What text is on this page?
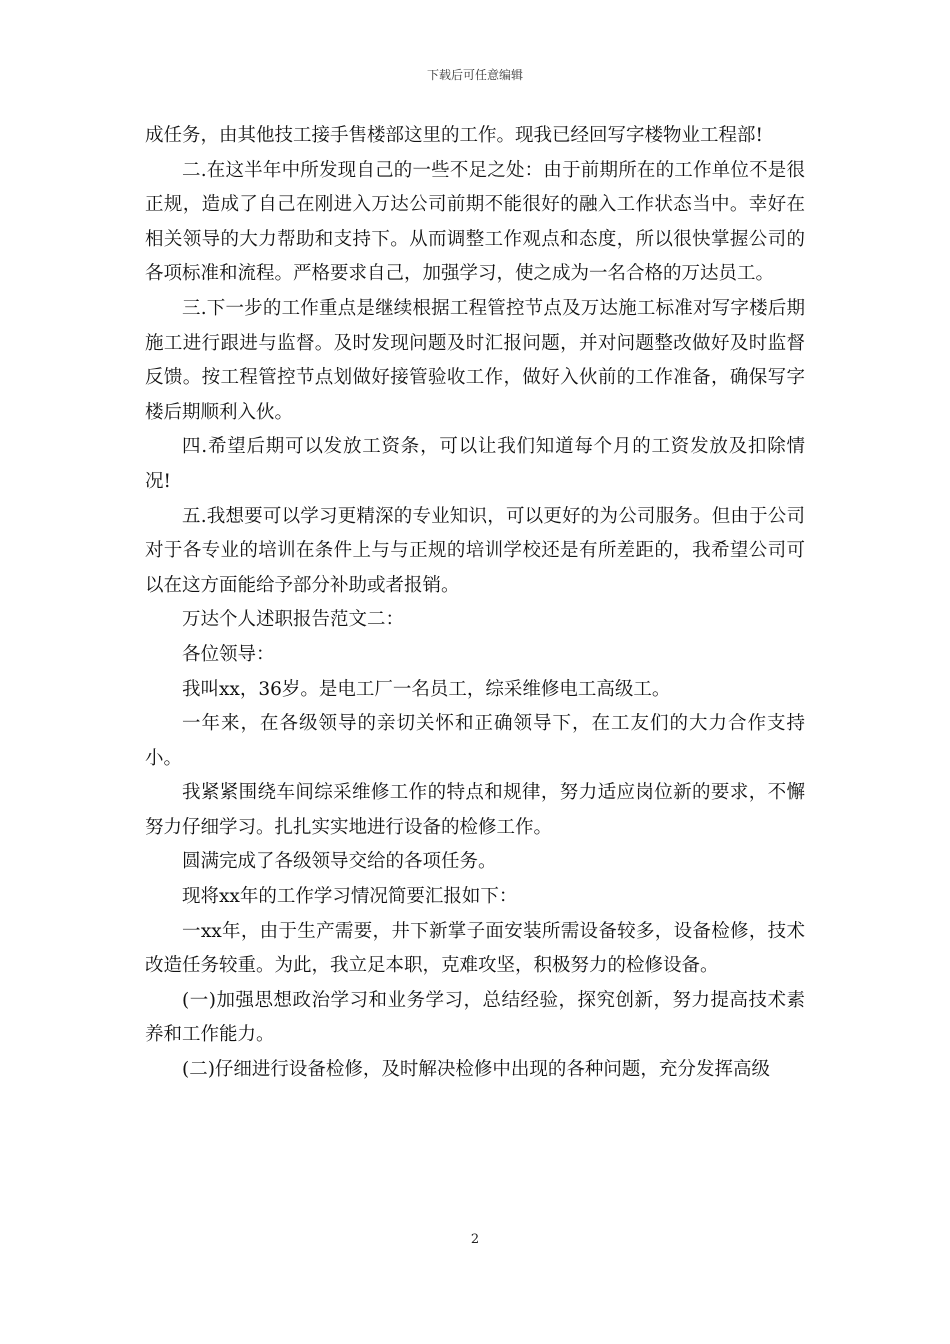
下载后可任意编辑

成任务，由其他技工接手售楼部这里的工作。现我已经回写字楼物业工程部!

二.在这半年中所发现自己的一些不足之处：由于前期所在的工作单位不是很正规，造成了自己在刚进入万达公司前期不能很好的融入工作状态当中。幸好在相关领导的大力帮助和支持下。从而调整工作观点和态度，所以很快掌握公司的各项标准和流程。严格要求自己，加强学习，使之成为一名合格的万达员工。

三.下一步的工作重点是继续根据工程管控节点及万达施工标准对写字楼后期施工进行跟进与监督。及时发现问题及时汇报问题，并对问题整改做好及时监督反馈。按工程管控节点划做好接管验收工作，做好入伙前的工作准备，确保写字楼后期顺利入伙。

四.希望后期可以发放工资条，可以让我们知道每个月的工资发放及扣除情况!

五.我想要可以学习更精深的专业知识，可以更好的为公司服务。但由于公司对于各专业的培训在条件上与与正规的培训学校还是有所差距的，我希望公司可以在这方面能给予部分补助或者报销。

万达个人述职报告范文二：

各位领导：

我叫xx，36岁。是电工厂一名员工，综采维修电工高级工。

一年来，在各级领导的亲切关怀和正确领导下，在工友们的大力合作支持小。

我紧紧围绕车间综采维修工作的特点和规律，努力适应岗位新的要求，不懈努力仔细学习。扎扎实实地进行设备的检修工作。

圆满完成了各级领导交给的各项任务。

现将xx年的工作学习情况简要汇报如下：

一xx年，由于生产需要，井下新掌子面安装所需设备较多，设备检修，技术改造任务较重。为此，我立足本职，克难攻坚，积极努力的检修设备。

(一)加强思想政治学习和业务学习，总结经验，探究创新，努力提高技术素养和工作能力。

(二)仔细进行设备检修，及时解决检修中出现的各种问题，充分发挥高级

2
